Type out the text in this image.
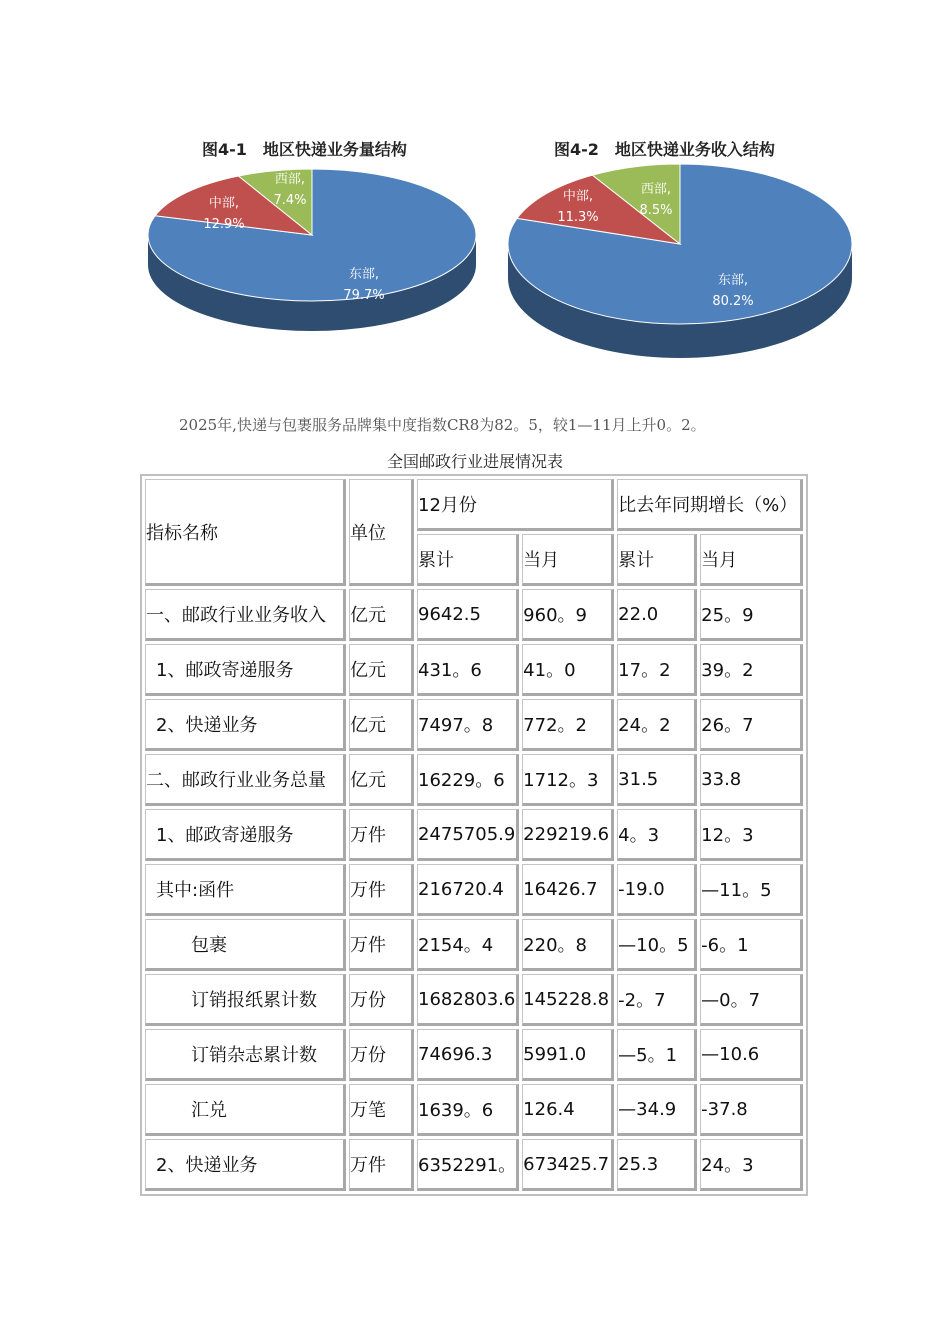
图4-1　地区快递业务量结构
东部,
79.7%
中部,
12.9%
西部,
7.4%
图4-2　地区快递业务收入结构
东部,
80.2%
中部,
11.3%
西部,
8.5%

2025年,快递与包裹服务品牌集中度指数CR8为82。5，较1—11月上升0。2。

全国邮政行业进展情况表
指标名称	单位	12月份		比去年同期增长（%）	
		累计	当月	累计	当月
一、邮政行业业务收入	亿元	9642.5	960。9	22.0	25。9
1、邮政寄递服务	亿元	431。6	41。0	17。2	39。2
2、快递业务	亿元	7497。8	772。2	24。2	26。7
二、邮政行业业务总量	亿元	16229。6	1712。3	31.5	33.8
1、邮政寄递服务	万件	2475705.9	229219.6	4。3	12。3
其中:函件	万件	216720.4	16426.7	-19.0	—11。5
包裹	万件	2154。4	220。8	—10。5	-6。1
订销报纸累计数	万份	1682803.6	145228.8	-2。7	—0。7
订销杂志累计数	万份	74696.3	5991.0	—5。1	—10.6
汇兑	万笔	1639。6	126.4	—34.9	-37.8
2、快递业务	万件	6352291。	673425.7	25.3	24。3
